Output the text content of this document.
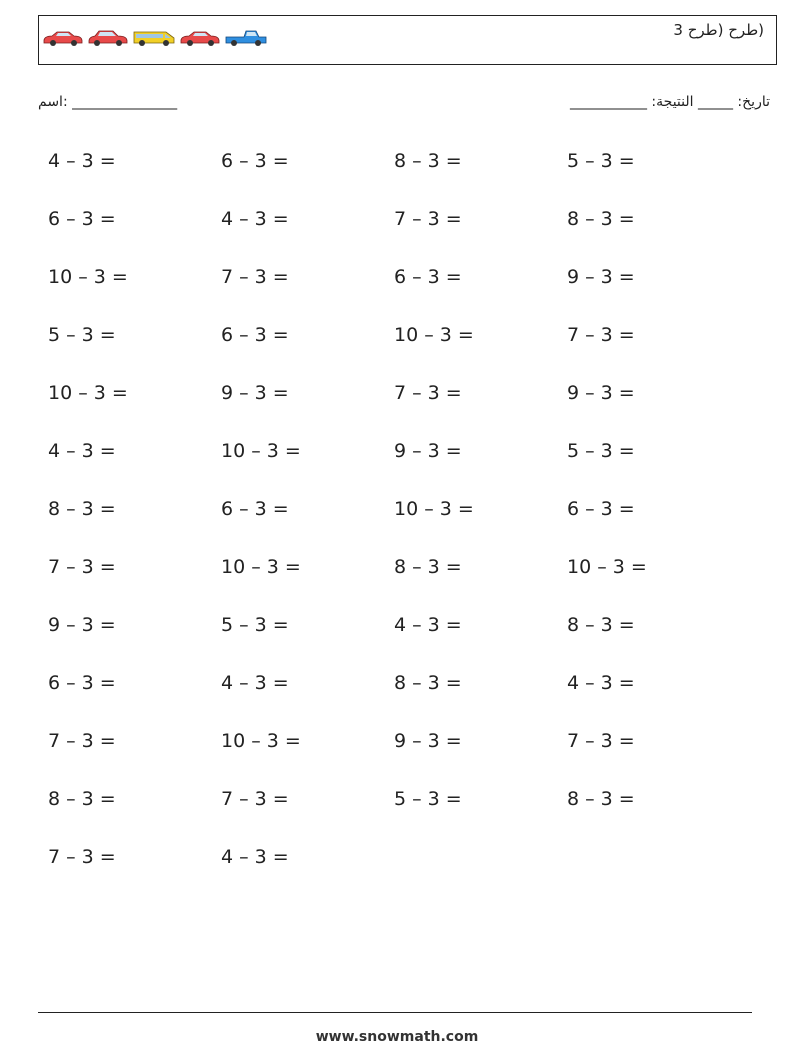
(طرح (طرح 3
اسم: _______________	تاريخ: _____ النتيجة: ___________
4 – 3 =	6 – 3 =	8 – 3 =	5 – 3 =
6 – 3 =	4 – 3 =	7 – 3 =	8 – 3 =
10 – 3 =	7 – 3 =	6 – 3 =	9 – 3 =
5 – 3 =	6 – 3 =	10 – 3 =	7 – 3 =
10 – 3 =	9 – 3 =	7 – 3 =	9 – 3 =
4 – 3 =	10 – 3 =	9 – 3 =	5 – 3 =
8 – 3 =	6 – 3 =	10 – 3 =	6 – 3 =
7 – 3 =	10 – 3 =	8 – 3 =	10 – 3 =
9 – 3 =	5 – 3 =	4 – 3 =	8 – 3 =
6 – 3 =	4 – 3 =	8 – 3 =	4 – 3 =
7 – 3 =	10 – 3 =	9 – 3 =	7 – 3 =
8 – 3 =	7 – 3 =	5 – 3 =	8 – 3 =
7 – 3 =	4 – 3 =
www.snowmath.com
